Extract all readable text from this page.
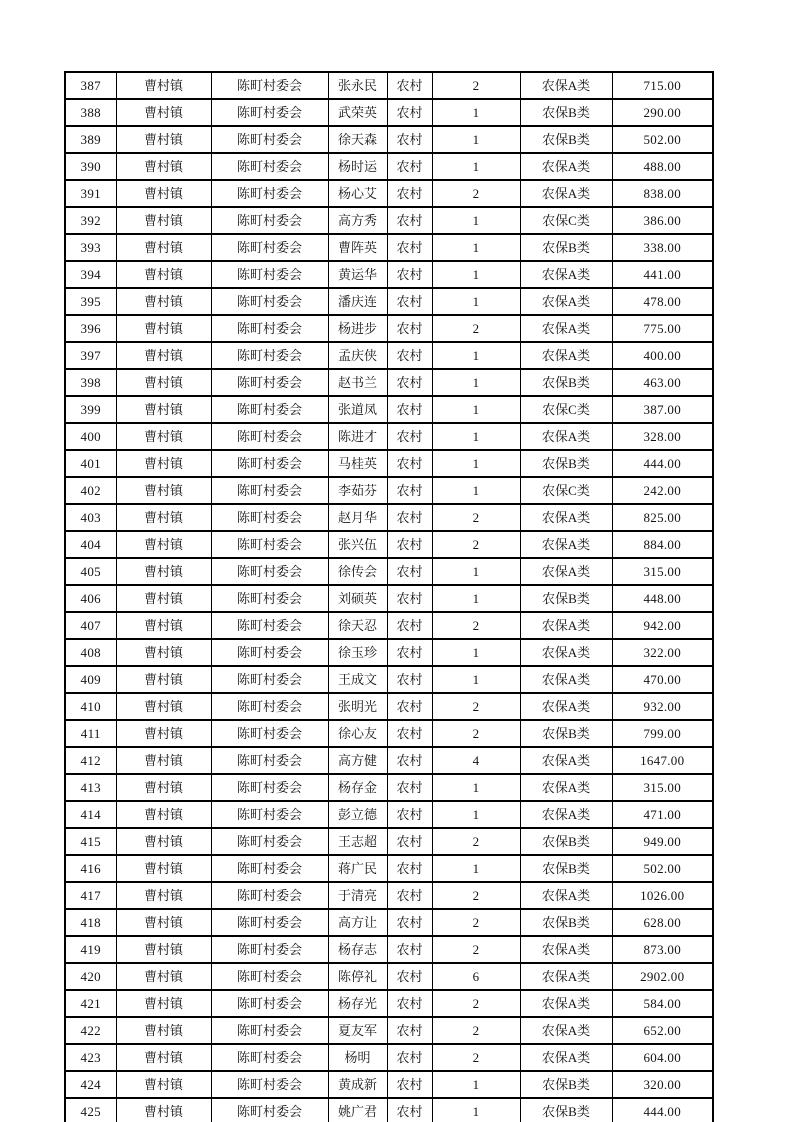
387	曹村镇	陈町村委会	张永民	农村	2	农保A类	715.00
388	曹村镇	陈町村委会	武荣英	农村	1	农保B类	290.00
389	曹村镇	陈町村委会	徐天森	农村	1	农保B类	502.00
390	曹村镇	陈町村委会	杨时运	农村	1	农保A类	488.00
391	曹村镇	陈町村委会	杨心艾	农村	2	农保A类	838.00
392	曹村镇	陈町村委会	高方秀	农村	1	农保C类	386.00
393	曹村镇	陈町村委会	曹阵英	农村	1	农保B类	338.00
394	曹村镇	陈町村委会	黄运华	农村	1	农保A类	441.00
395	曹村镇	陈町村委会	潘庆连	农村	1	农保A类	478.00
396	曹村镇	陈町村委会	杨进步	农村	2	农保A类	775.00
397	曹村镇	陈町村委会	孟庆侠	农村	1	农保A类	400.00
398	曹村镇	陈町村委会	赵书兰	农村	1	农保B类	463.00
399	曹村镇	陈町村委会	张道凤	农村	1	农保C类	387.00
400	曹村镇	陈町村委会	陈进才	农村	1	农保A类	328.00
401	曹村镇	陈町村委会	马桂英	农村	1	农保B类	444.00
402	曹村镇	陈町村委会	李茹芬	农村	1	农保C类	242.00
403	曹村镇	陈町村委会	赵月华	农村	2	农保A类	825.00
404	曹村镇	陈町村委会	张兴伍	农村	2	农保A类	884.00
405	曹村镇	陈町村委会	徐传会	农村	1	农保A类	315.00
406	曹村镇	陈町村委会	刘硕英	农村	1	农保B类	448.00
407	曹村镇	陈町村委会	徐天忍	农村	2	农保A类	942.00
408	曹村镇	陈町村委会	徐玉珍	农村	1	农保A类	322.00
409	曹村镇	陈町村委会	王成文	农村	1	农保A类	470.00
410	曹村镇	陈町村委会	张明光	农村	2	农保A类	932.00
411	曹村镇	陈町村委会	徐心友	农村	2	农保B类	799.00
412	曹村镇	陈町村委会	高方健	农村	4	农保A类	1647.00
413	曹村镇	陈町村委会	杨存金	农村	1	农保A类	315.00
414	曹村镇	陈町村委会	彭立德	农村	1	农保A类	471.00
415	曹村镇	陈町村委会	王志超	农村	2	农保B类	949.00
416	曹村镇	陈町村委会	蒋广民	农村	1	农保B类	502.00
417	曹村镇	陈町村委会	于清亮	农村	2	农保A类	1026.00
418	曹村镇	陈町村委会	高方让	农村	2	农保B类	628.00
419	曹村镇	陈町村委会	杨存志	农村	2	农保A类	873.00
420	曹村镇	陈町村委会	陈停礼	农村	6	农保A类	2902.00
421	曹村镇	陈町村委会	杨存光	农村	2	农保A类	584.00
422	曹村镇	陈町村委会	夏友军	农村	2	农保A类	652.00
423	曹村镇	陈町村委会	杨明	农村	2	农保A类	604.00
424	曹村镇	陈町村委会	黄成新	农村	1	农保B类	320.00
425	曹村镇	陈町村委会	姚广君	农村	1	农保B类	444.00
